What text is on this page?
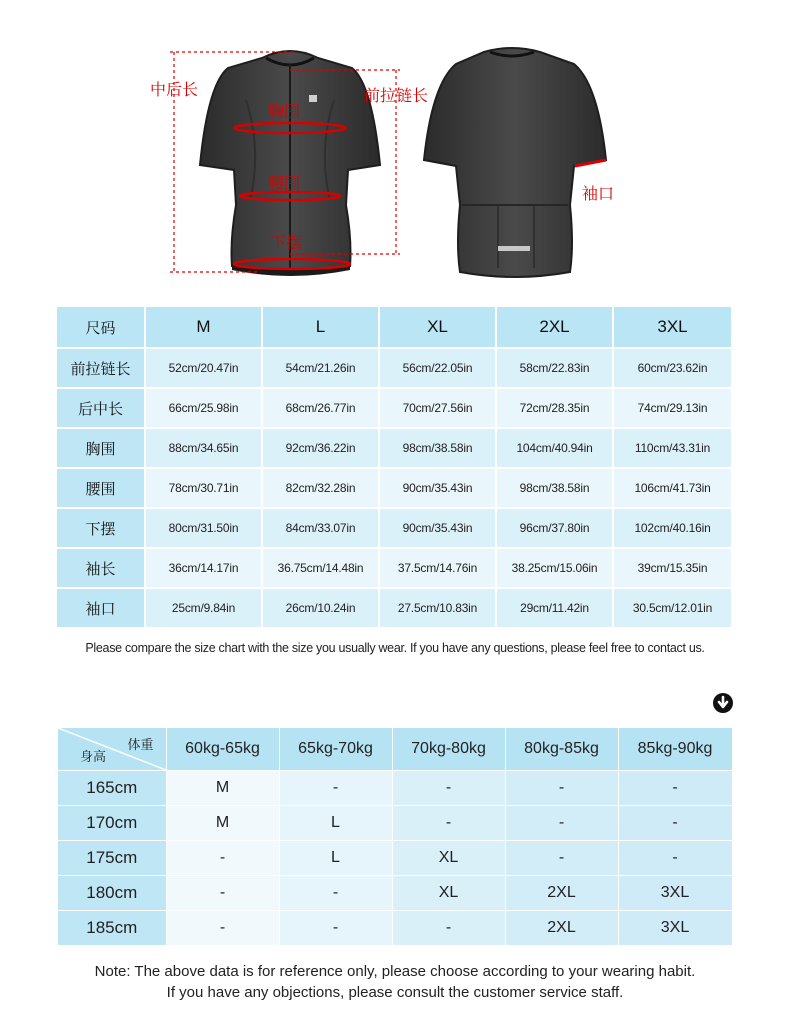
中后长	前拉链长
胸围
腰围
下摆
袖口
尺码	M	L	XL	2XL	3XL
前拉链长	52cm/20.47in	54cm/21.26in	56cm/22.05in	58cm/22.83in	60cm/23.62in
后中长	66cm/25.98in	68cm/26.77in	70cm/27.56in	72cm/28.35in	74cm/29.13in
胸围	88cm/34.65in	92cm/36.22in	98cm/38.58in	104cm/40.94in	110cm/43.31in
腰围	78cm/30.71in	82cm/32.28in	90cm/35.43in	98cm/38.58in	106cm/41.73in
下摆	80cm/31.50in	84cm/33.07in	90cm/35.43in	96cm/37.80in	102cm/40.16in
袖长	36cm/14.17in	36.75cm/14.48in	37.5cm/14.76in	38.25cm/15.06in	39cm/15.35in
袖口	25cm/9.84in	26cm/10.24in	27.5cm/10.83in	29cm/11.42in	30.5cm/12.01in
Please compare the size chart with the size you usually wear. If you have any questions, please feel free to contact us.
体重
身高	60kg-65kg	65kg-70kg	70kg-80kg	80kg-85kg	85kg-90kg
165cm	M	-	-	-	-
170cm	M	L	-	-	-
175cm	-	L	XL	-	-
180cm	-	-	XL	2XL	3XL
185cm	-	-	-	2XL	3XL
Note: The above data is for reference only, please choose according to your wearing habit.
If you have any objections, please consult the customer service staff.
